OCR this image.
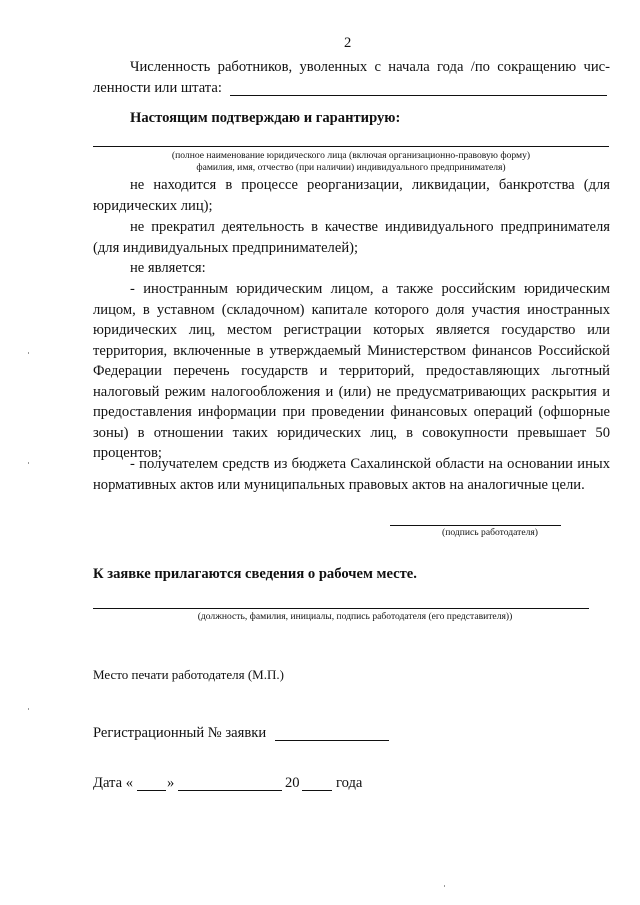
2
Численность работников, уволенных с начала года /по сокращению чис-
ленности или штата:
Настоящим подтверждаю и гарантирую:
(полное наименование юридического лица (включая организационно-правовую форму)
фамилия, имя, отчество (при наличии) индивидуального предпринимателя)
не находится в процессе реорганизации, ликвидации, банкротства (для юридических лиц);
не прекратил деятельность в качестве индивидуального предпринимателя (для индивидуальных предпринимателей);
не является:
- иностранным юридическим лицом, а также российским юридическим лицом, в уставном (складочном) капитале которого доля участия иностранных юридических лиц, местом регистрации которых является государство или территория, включенные в утверждаемый Министерством финансов Российской Федерации перечень государств и территорий, предоставляющих льготный налоговый режим налогообложения и (или) не предусматривающих раскрытия и предоставления информации при проведении финансовых операций (офшорные зоны) в отношении таких юридических лиц, в совокупности превышает 50 процентов;
- получателем средств из бюджета Сахалинской области на основании иных нормативных актов или муниципальных правовых актов на аналогичные цели.
(подпись работодателя)
К заявке прилагаются сведения о рабочем месте.
(должность, фамилия, инициалы, подпись работодателя (его представителя))
Место печати работодателя (М.П.)
Регистрационный № заявки
Дата « »	20 года
